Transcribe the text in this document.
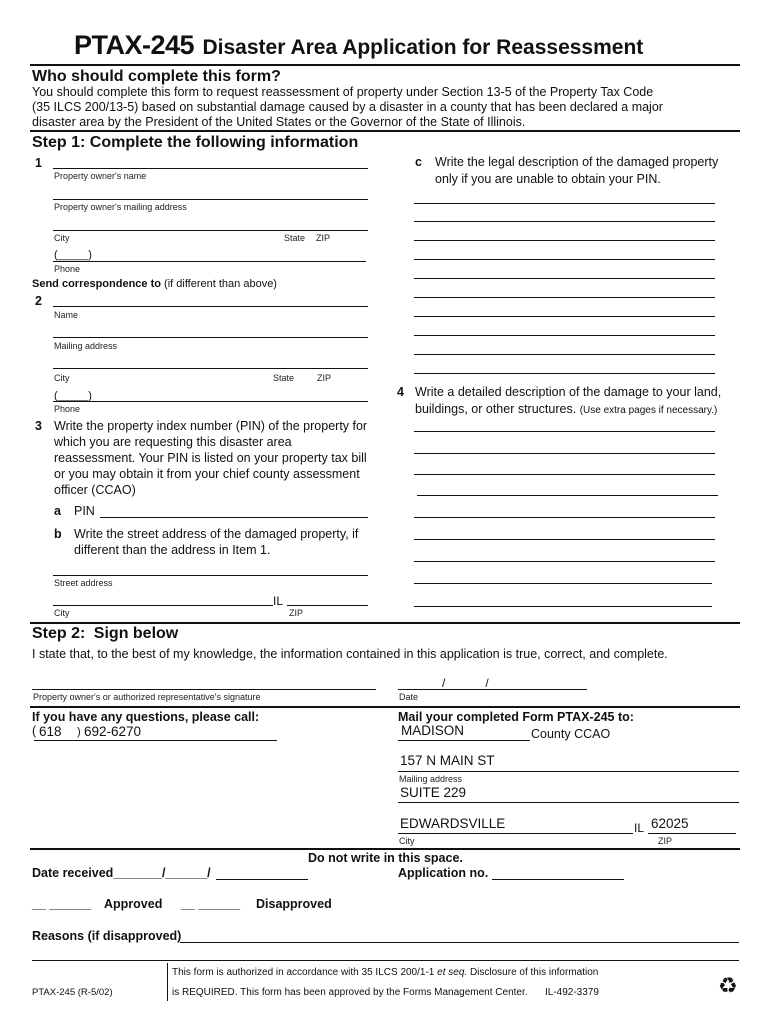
PTAX-245 Disaster Area Application for Reassessment
Who should complete this form?
You should complete this form to request reassessment of property under Section 13-5 of the Property Tax Code
(35 ILCS 200/13-5) based on substantial damage caused by a disaster in a county that has been declared a major
disaster area by the President of the United States or the Governor of the State of Illinois.
Step 1: Complete the following information
1
Property owner's name
Property owner's mailing address
City	State ZIP
(_____)
Phone
Send correspondence to (if different than above)
2
Name
Mailing address
City	State	ZIP
(_____)
Phone
3 Write the property index number (PIN) of the property for
which you are requesting this disaster area
reassessment. Your PIN is listed on your property tax bill
or you may obtain it from your chief county assessment
officer (CCAO)
a PIN
b Write the street address of the damaged property, if
different than the address in Item 1.
Street address
IL
City	ZIP
c Write the legal description of the damaged property
only if you are unable to obtain your PIN.
4 Write a detailed description of the damage to your land,
buildings, or other structures. (Use extra pages if necessary.)
Step 2: Sign below
I state that, to the best of my knowledge, the information contained in this application is true, correct, and complete.
Property owner's or authorized representative's signature
/            /
Date
If you have any questions, please call:
( 618 ) 692-6270
Mail your completed Form PTAX-245 to:
MADISON	County CCAO
157 N MAIN ST
Mailing address
SUITE 229
EDWARDSVILLE	IL 62025
City	ZIP
Do not write in this space.
Date received_______/______/	Application no.
__ ______ Approved __ ______ Disapproved
Reasons (if disapproved)
PTAX-245 (R-5/02)
This form is authorized in accordance with 35 ILCS 200/1-1 et seq. Disclosure of this information
is REQUIRED. This form has been approved by the Forms Management Center. IL-492-3379	♻
